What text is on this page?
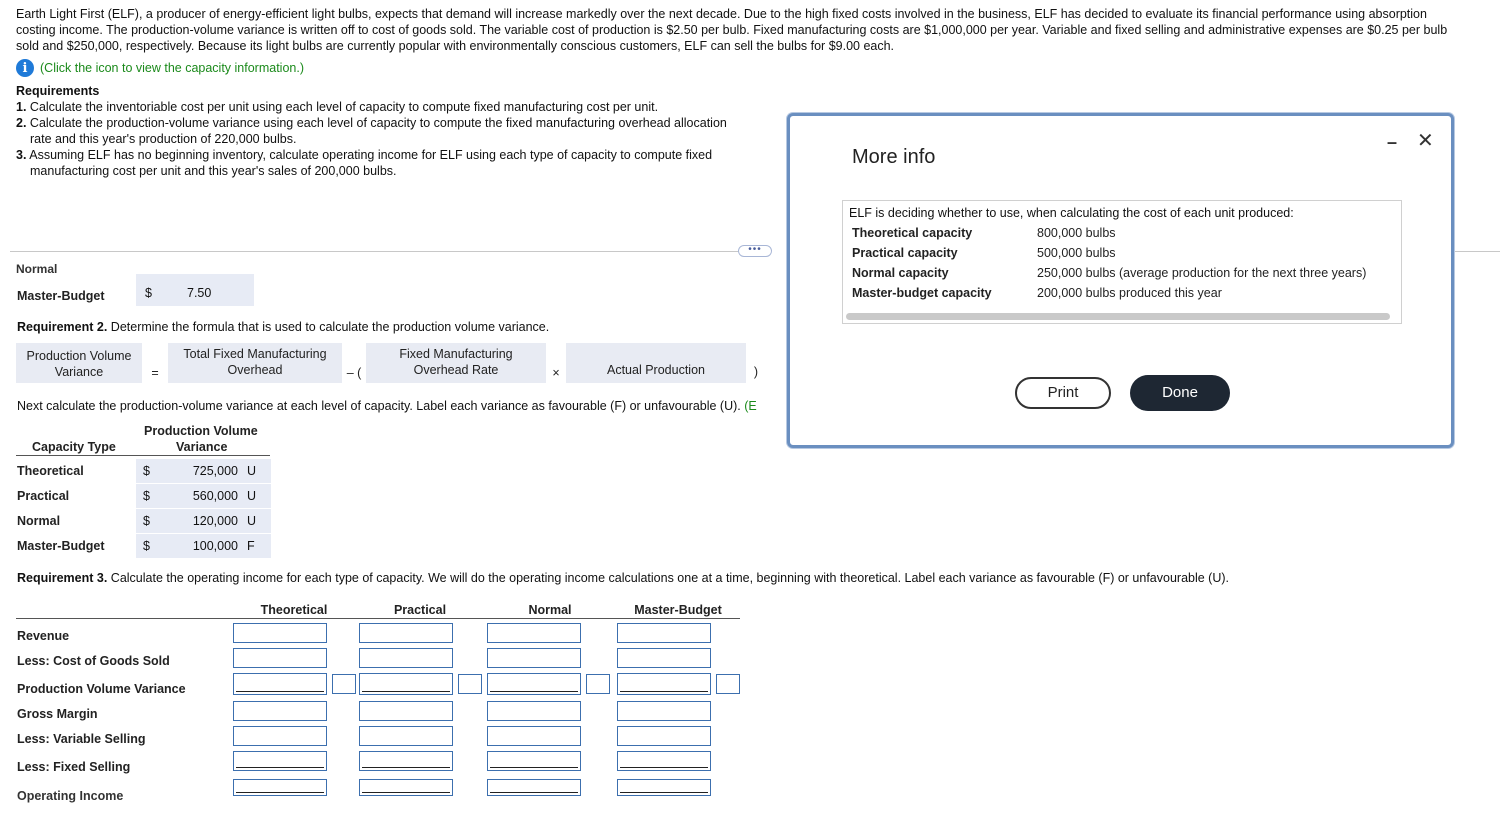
Earth Light First (ELF), a producer of energy-efficient light bulbs, expects that demand will increase markedly over the next decade. Due to the high fixed costs involved in the business, ELF has decided to evaluate its financial performance using absorption
costing income. The production-volume variance is written off to cost of goods sold. The variable cost of production is $2.50 per bulb. Fixed manufacturing costs are $1,000,000 per year. Variable and fixed selling and administrative expenses are $0.25 per bulb
sold and $250,000, respectively. Because its light bulbs are currently popular with environmentally conscious customers, ELF can sell the bulbs for $9.00 each.
i	(Click the icon to view the capacity information.)
Requirements
1. Calculate the inventoriable cost per unit using each level of capacity to compute fixed manufacturing cost per unit.
2. Calculate the production-volume variance using each level of capacity to compute the fixed manufacturing overhead allocation
rate and this year's production of 220,000 bulbs.
3. Assuming ELF has no beginning inventory, calculate operating income for ELF using each type of capacity to compute fixed
manufacturing cost per unit and this year's sales of 200,000 bulbs.
•••
Normal
Master-Budget	$	7.50
Requirement 2. Determine the formula that is used to calculate the production volume variance.
Production Volume
Variance	=
Total Fixed Manufacturing
Overhead	– (
Fixed Manufacturing
Overhead Rate	×	Actual Production	)
Next calculate the production-volume variance at each level of capacity. Label each variance as favourable (F) or unfavourable (U). (E
Production Volume
Capacity Type	Variance
Theoretical	$	725,000 U
Practical	$	560,000 U
Normal	$	120,000 U
Master-Budget	$	100,000 F
Requirement 3. Calculate the operating income for each type of capacity. We will do the operating income calculations one at a time, beginning with theoretical. Label each variance as favourable (F) or unfavourable (U).
Theoretical	Practical	Normal	Master-Budget
Revenue
Less: Cost of Goods Sold
Production Volume Variance
Gross Margin
Less: Variable Selling
Less: Fixed Selling
Operating Income
More info
– ✕
ELF is deciding whether to use, when calculating the cost of each unit produced:
Theoretical capacity	800,000 bulbs
Practical capacity	500,000 bulbs
Normal capacity	250,000 bulbs (average production for the next three years)
Master-budget capacity	200,000 bulbs produced this year
Print	Done
